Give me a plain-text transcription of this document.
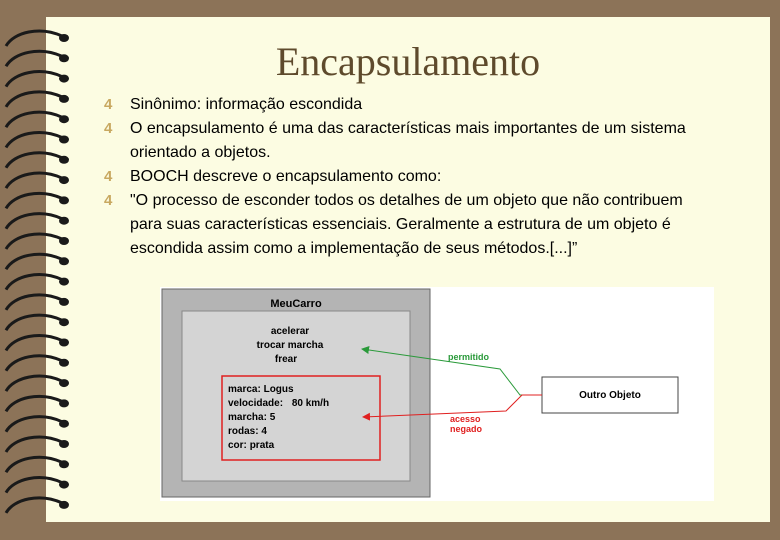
Encapsulamento
4 Sinônimo: informação escondida
4 O encapsulamento é uma das características mais importantes de um sistema orientado a objetos.
4 BOOCH descreve o encapsulamento como:
4 "O processo de esconder todos os detalhes de um objeto que não contribuem para suas características essenciais. Geralmente a estrutura de um objeto é escondida assim como a implementação de seus métodos.[...]”
MeuCarro
acelerar
trocar marcha
frear
marca: Logus
velocidade: 80 km/h
marcha: 5
rodas: 4
cor: prata
Outro Objeto
permitido
acesso
negado
